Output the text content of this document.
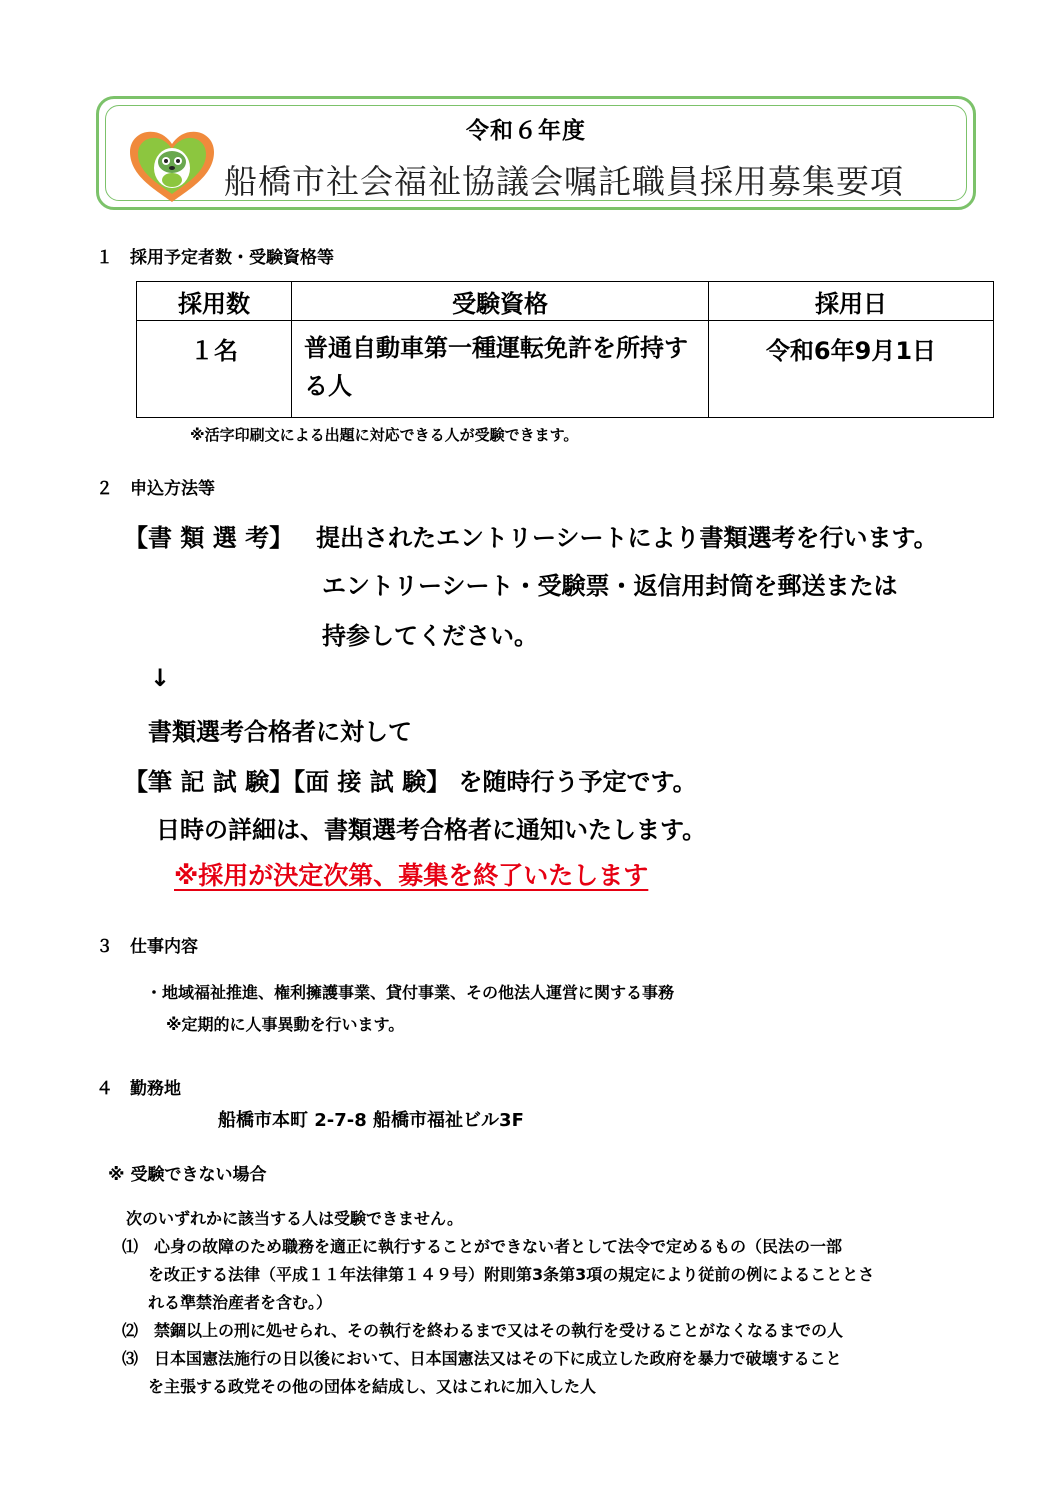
令和６年度
船橋市社会福祉協議会嘱託職員採用募集要項
１　採用予定者数・受験資格等
採用数	受験資格	採用日
１名	普通自動車第一種運転免許を所持する人	令和6年9月1日
※活字印刷文による出題に対応できる人が受験できます。
２　申込方法等
【書 類 選 考】 提出されたエントリーシートにより書類選考を行います。
エントリーシート・受験票・返信用封筒を郵送または
持参してください。
↓
書類選考合格者に対して
【筆 記 試 験】【面 接 試 験】 を随時行う予定です。
日時の詳細は、書類選考合格者に通知いたします。
※採用が決定次第、募集を終了いたします
３　仕事内容
・地域福祉推進、権利擁護事業、貸付事業、その他法人運営に関する事務
※定期的に人事異動を行います。
４　勤務地
船橋市本町 2-7-8 船橋市福祉ビル3F
※ 受験できない場合
次のいずれかに該当する人は受験できません。
⑴　心身の故障のため職務を適正に執行することができない者として法令で定めるもの（民法の一部
を改正する法律（平成１１年法律第１４９号）附則第3条第3項の規定により従前の例によることとさ
れる準禁治産者を含む。）
⑵　禁錮以上の刑に処せられ、その執行を終わるまで又はその執行を受けることがなくなるまでの人
⑶　日本国憲法施行の日以後において、日本国憲法又はその下に成立した政府を暴力で破壊すること
を主張する政党その他の団体を結成し、又はこれに加入した人
